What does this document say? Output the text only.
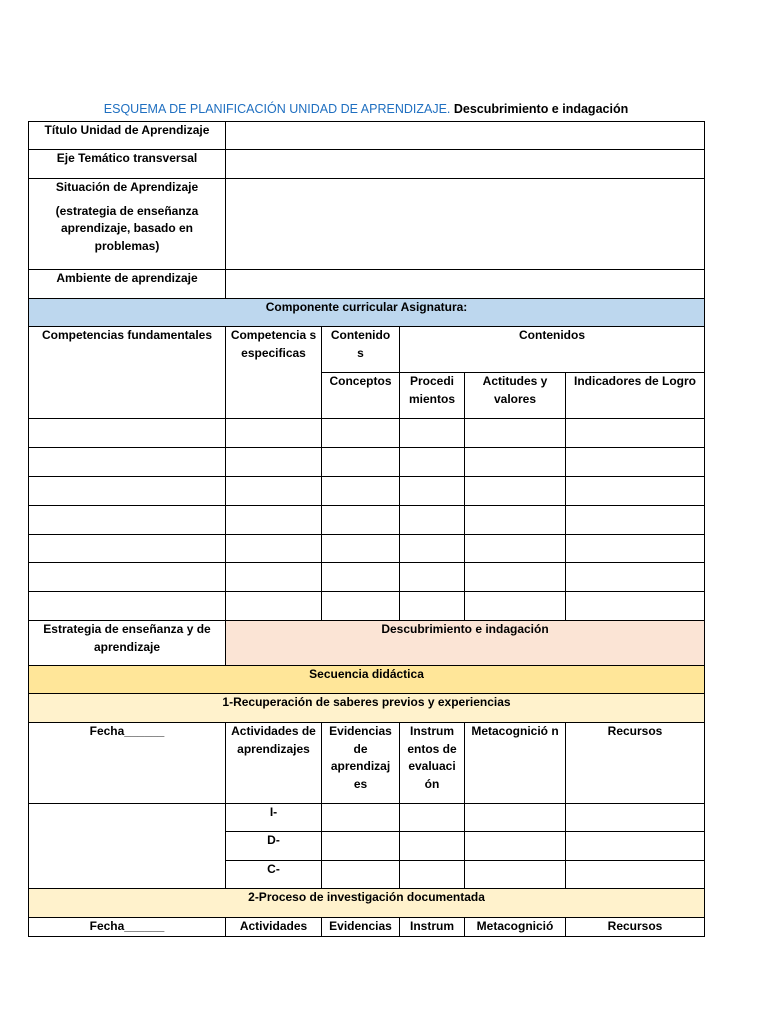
ESQUEMA DE PLANIFICACIÓN UNIDAD DE APRENDIZAJE. Descubrimiento e indagación
Título Unidad de Aprendizaje					
Eje Temático transversal					
Situación de Aprendizaje
(estrategia de enseñanza aprendizaje, basado en problemas)					

Ambiente de aprendizaje					
Componente curricular Asignatura:					
Competencias fundamentales	Competencia s especificas	Contenido s	Contenidos		
		Conceptos	Procedi mientos	Actitudes y valores	Indicadores de Logro

Estrategia de enseñanza y de aprendizaje	Descubrimiento e indagación				
Secuencia didáctica					
1-Recuperación de saberes previos y experiencias					
Fecha______	Actividades de aprendizajes	Evidencias de aprendizaj es	Instrum entos de evaluaci ón	Metacognició n	Recursos
	I-				
	D-				
	C-				
2-Proceso de investigación documentada					
Fecha______	Actividades	Evidencias	Instrum	Metacognició	Recursos
